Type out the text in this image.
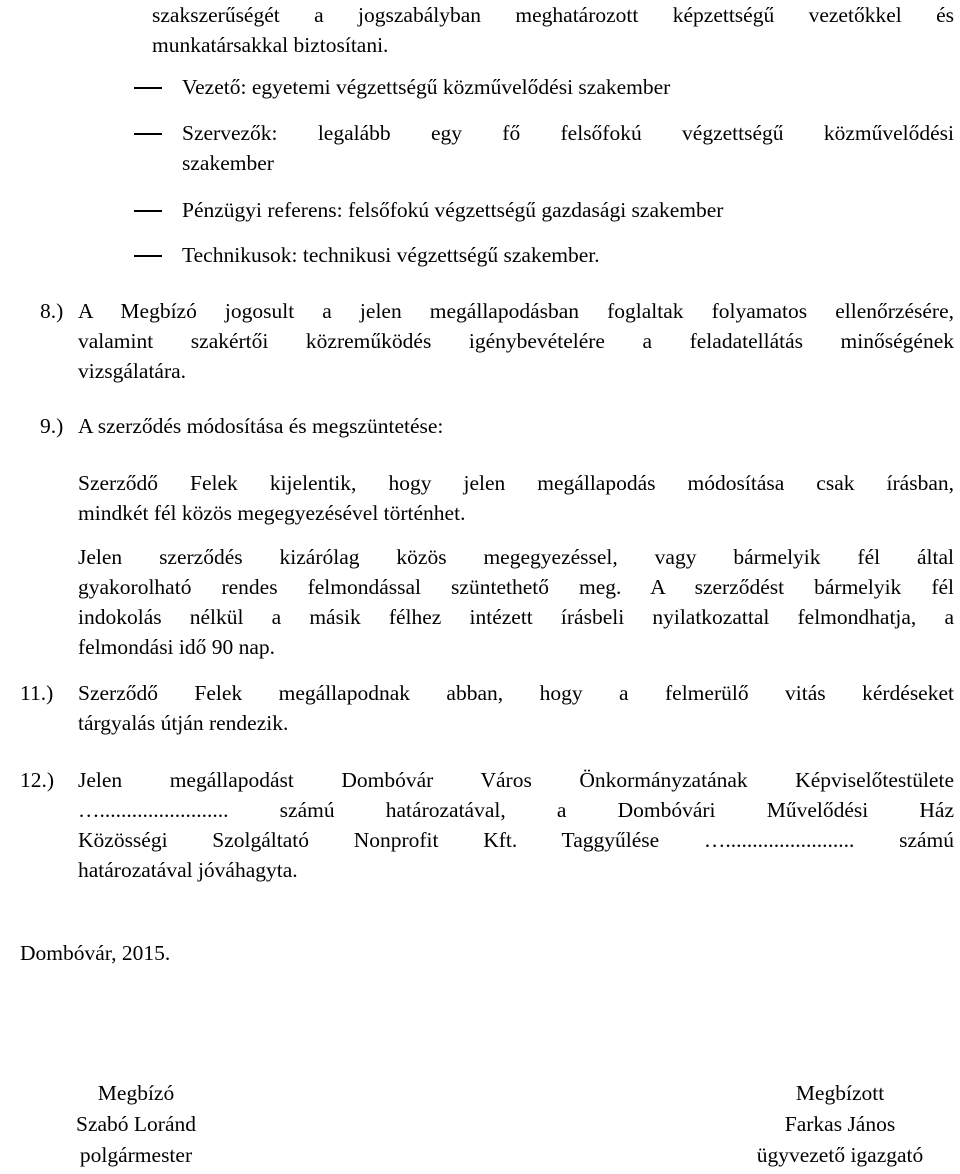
szakszerűségét a jogszabályban meghatározott képzettségű vezetőkkel és
munkatársakkal biztosítani.
Vezető: egyetemi végzettségű közművelődési szakember
Szervezők: legalább egy fő felsőfokú végzettségű közművelődési
szakember
Pénzügyi referens: felsőfokú végzettségű gazdasági szakember
Technikusok: technikusi végzettségű szakember.
8.) A Megbízó jogosult a jelen megállapodásban foglaltak folyamatos ellenőrzésére,
valamint szakértői közreműködés igénybevételére a feladatellátás minőségének
vizsgálatára.
9.) A szerződés módosítása és megszüntetése:
Szerződő Felek kijelentik, hogy jelen megállapodás módosítása csak írásban,
mindkét fél közös megegyezésével történhet.
Jelen szerződés kizárólag közös megegyezéssel, vagy bármelyik fél által
gyakorolható rendes felmondással szüntethető meg. A szerződést bármelyik fél
indokolás nélkül a másik félhez intézett írásbeli nyilatkozattal felmondhatja, a
felmondási idő 90 nap.
11.) Szerződő Felek megállapodnak abban, hogy a felmerülő vitás kérdéseket
tárgyalás útján rendezik.
12.) Jelen megállapodást Dombóvár Város Önkormányzatának Képviselőtestülete
…........................ számú határozatával, a Dombóvári Művelődési Ház
Közösségi Szolgáltató Nonprofit Kft. Taggyűlése …........................ számú
határozatával jóváhagyta.
Dombóvár, 2015.
Megbízó
Szabó Loránd
polgármester
Megbízott
Farkas János
ügyvezető igazgató
